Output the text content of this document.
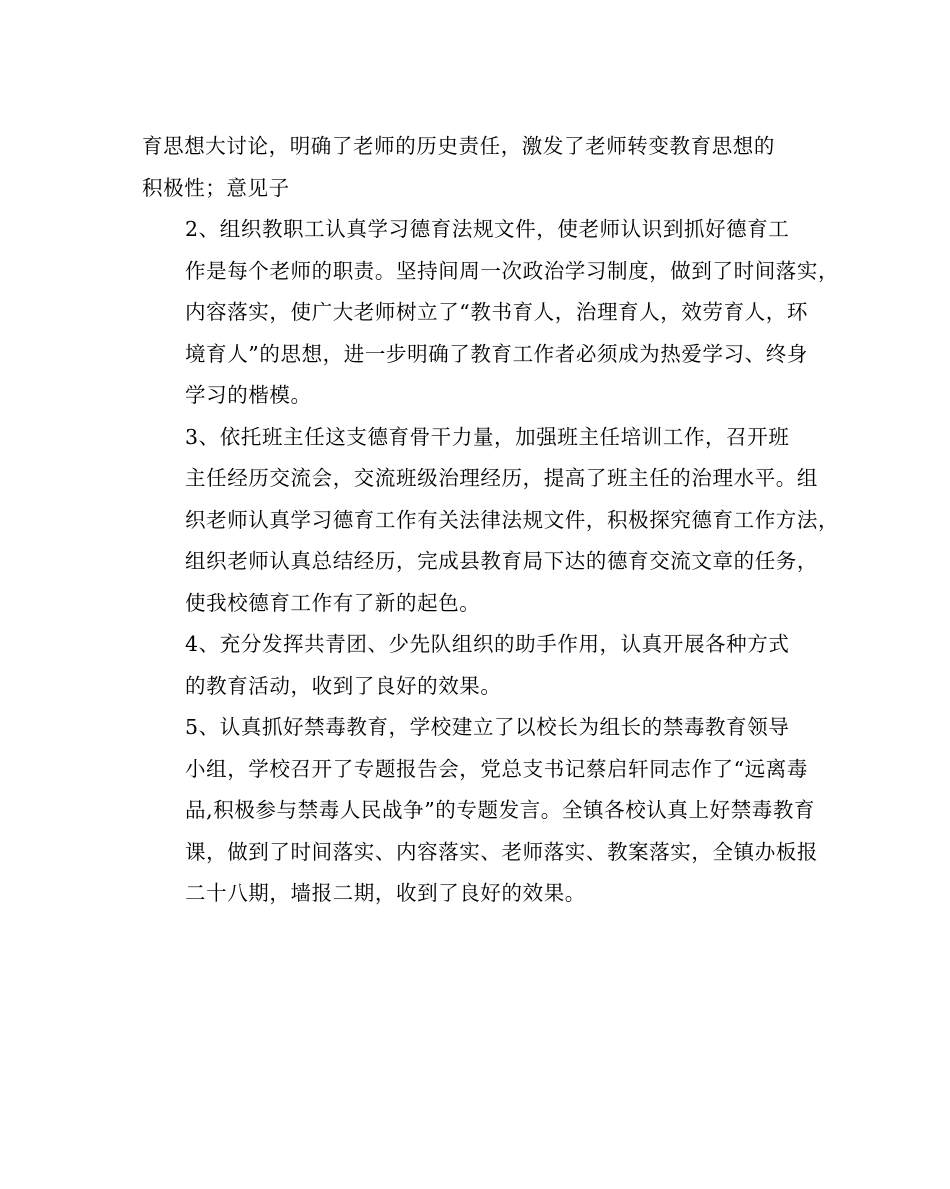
育思想大讨论，明确了老师的历史责任，激发了老师转变教育思想的
积极性；意见子

2、组织教职工认真学习德育法规文件，使老师认识到抓好德育工
作是每个老师的职责。坚持间周一次政治学习制度，做到了时间落实，
内容落实，使广大老师树立了“教书育人，治理育人，效劳育人，环
境育人”的思想，进一步明确了教育工作者必须成为热爱学习、终身
学习的楷模。

3、依托班主任这支德育骨干力量，加强班主任培训工作，召开班
主任经历交流会，交流班级治理经历，提高了班主任的治理水平。组
织老师认真学习德育工作有关法律法规文件，积极探究德育工作方法，
组织老师认真总结经历，完成县教育局下达的德育交流文章的任务，
使我校德育工作有了新的起色。

4、充分发挥共青团、少先队组织的助手作用，认真开展各种方式
的教育活动，收到了良好的效果。

5、认真抓好禁毒教育，学校建立了以校长为组长的禁毒教育领导
小组，学校召开了专题报告会，党总支书记蔡启轩同志作了“远离毒
品,积极参与禁毒人民战争”的专题发言。全镇各校认真上好禁毒教育
课，做到了时间落实、内容落实、老师落实、教案落实，全镇办板报
二十八期，墙报二期，收到了良好的效果。
